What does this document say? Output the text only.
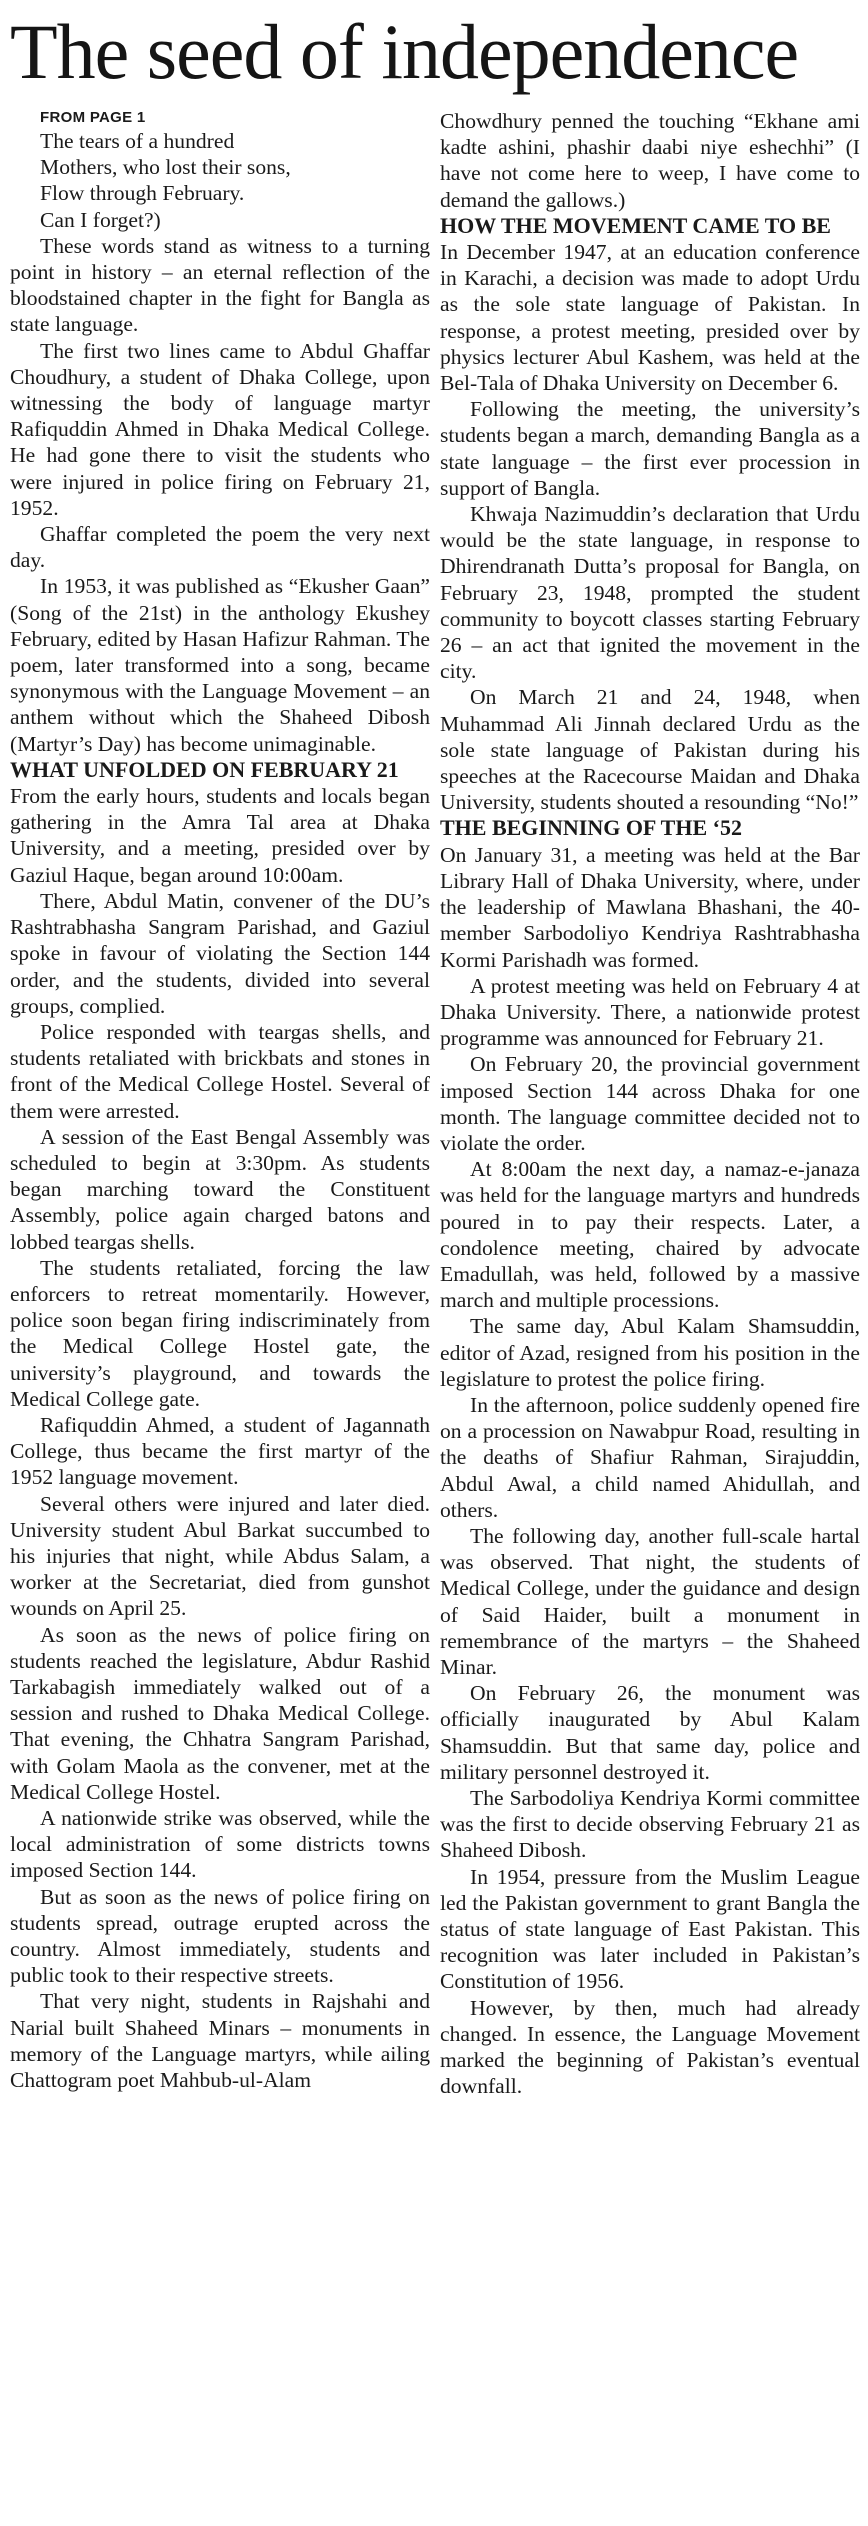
The seed of independence

FROM PAGE 1

The tears of a hundred
Mothers, who lost their sons,
Flow through February.
Can I forget?)

These words stand as witness to a turning point in history – an eternal reflection of the bloodstained chapter in the fight for Bangla as state language.

The first two lines came to Abdul Ghaffar Choudhury, a student of Dhaka College, upon witnessing the body of language martyr Rafiquddin Ahmed in Dhaka Medical College. He had gone there to visit the students who were injured in police firing on February 21, 1952.

Ghaffar completed the poem the very next day.

In 1953, it was published as “Ekusher Gaan” (Song of the 21st) in the anthology Ekushey February, edited by Hasan Hafizur Rahman. The poem, later transformed into a song, became synonymous with the Language Movement – an anthem without which the Shaheed Dibosh (Martyr’s Day) has become unimaginable.

WHAT UNFOLDED ON FEBRUARY 21

From the early hours, students and locals began gathering in the Amra Tal area at Dhaka University, and a meeting, presided over by Gaziul Haque, began around 10:00am.

There, Abdul Matin, convener of the DU’s Rashtrabhasha Sangram Parishad, and Gaziul spoke in favour of violating the Section 144 order, and the students, divided into several groups, complied.

Police responded with teargas shells, and students retaliated with brickbats and stones in front of the Medical College Hostel. Several of them were arrested.

A session of the East Bengal Assembly was scheduled to begin at 3:30pm. As students began marching toward the Constituent Assembly, police again charged batons and lobbed teargas shells.

The students retaliated, forcing the law enforcers to retreat momentarily. However, police soon began firing indiscriminately from the Medical College Hostel gate, the university’s playground, and towards the Medical College gate.

Rafiquddin Ahmed, a student of Jagannath College, thus became the first martyr of the 1952 language movement.

Several others were injured and later died. University student Abul Barkat succumbed to his injuries that night, while Abdus Salam, a worker at the Secretariat, died from gunshot wounds on April 25.

As soon as the news of police firing on students reached the legislature, Abdur Rashid Tarkabagish immediately walked out of a session and rushed to Dhaka Medical College. That evening, the Chhatra Sangram Parishad, with Golam Maola as the convener, met at the Medical College Hostel.

A nationwide strike was observed, while the local administration of some districts towns imposed Section 144.

But as soon as the news of police firing on students spread, outrage erupted across the country. Almost immediately, students and public took to their respective streets.

That very night, students in Rajshahi and Narial built Shaheed Minars – monuments in memory of the Language martyrs, while ailing Chattogram poet Mahbub-ul-Alam

Chowdhury penned the touching “Ekhane ami kadte ashini, phashir daabi niye eshechhi” (I have not come here to weep, I have come to demand the gallows.)

HOW THE MOVEMENT CAME TO BE

In December 1947, at an education conference in Karachi, a decision was made to adopt Urdu as the sole state language of Pakistan. In response, a protest meeting, presided over by physics lecturer Abul Kashem, was held at the Bel-Tala of Dhaka University on December 6.

Following the meeting, the university’s students began a march, demanding Bangla as a state language – the first ever procession in support of Bangla.

Khwaja Nazimuddin’s declaration that Urdu would be the state language, in response to Dhirendranath Dutta’s proposal for Bangla, on February 23, 1948, prompted the student community to boycott classes starting February 26 – an act that ignited the movement in the city.

On March 21 and 24, 1948, when Muhammad Ali Jinnah declared Urdu as the sole state language of Pakistan during his speeches at the Racecourse Maidan and Dhaka University, students shouted a resounding “No!”

THE BEGINNING OF THE ‘52

On January 31, a meeting was held at the Bar Library Hall of Dhaka University, where, under the leadership of Mawlana Bhashani, the 40-member Sarbodoliyo Kendriya Rashtrabhasha Kormi Parishadh was formed.

A protest meeting was held on February 4 at Dhaka University. There, a nationwide protest programme was announced for February 21.

On February 20, the provincial government imposed Section 144 across Dhaka for one month. The language committee decided not to violate the order.

At 8:00am the next day, a namaz-e-janaza was held for the language martyrs and hundreds poured in to pay their respects. Later, a condolence meeting, chaired by advocate Emadullah, was held, followed by a massive march and multiple processions.

The same day, Abul Kalam Shamsuddin, editor of Azad, resigned from his position in the legislature to protest the police firing.

In the afternoon, police suddenly opened fire on a procession on Nawabpur Road, resulting in the deaths of Shafiur Rahman, Sirajuddin, Abdul Awal, a child named Ahidullah, and others.

The following day, another full-scale hartal was observed. That night, the students of Medical College, under the guidance and design of Said Haider, built a monument in remembrance of the martyrs – the Shaheed Minar.

On February 26, the monument was officially inaugurated by Abul Kalam Shamsuddin. But that same day, police and military personnel destroyed it.

The Sarbodoliya Kendriya Kormi committee was the first to decide observing February 21 as Shaheed Dibosh.

In 1954, pressure from the Muslim League led the Pakistan government to grant Bangla the status of state language of East Pakistan. This recognition was later included in Pakistan’s Constitution of 1956.

However, by then, much had already changed. In essence, the Language Movement marked the beginning of Pakistan’s eventual downfall.
